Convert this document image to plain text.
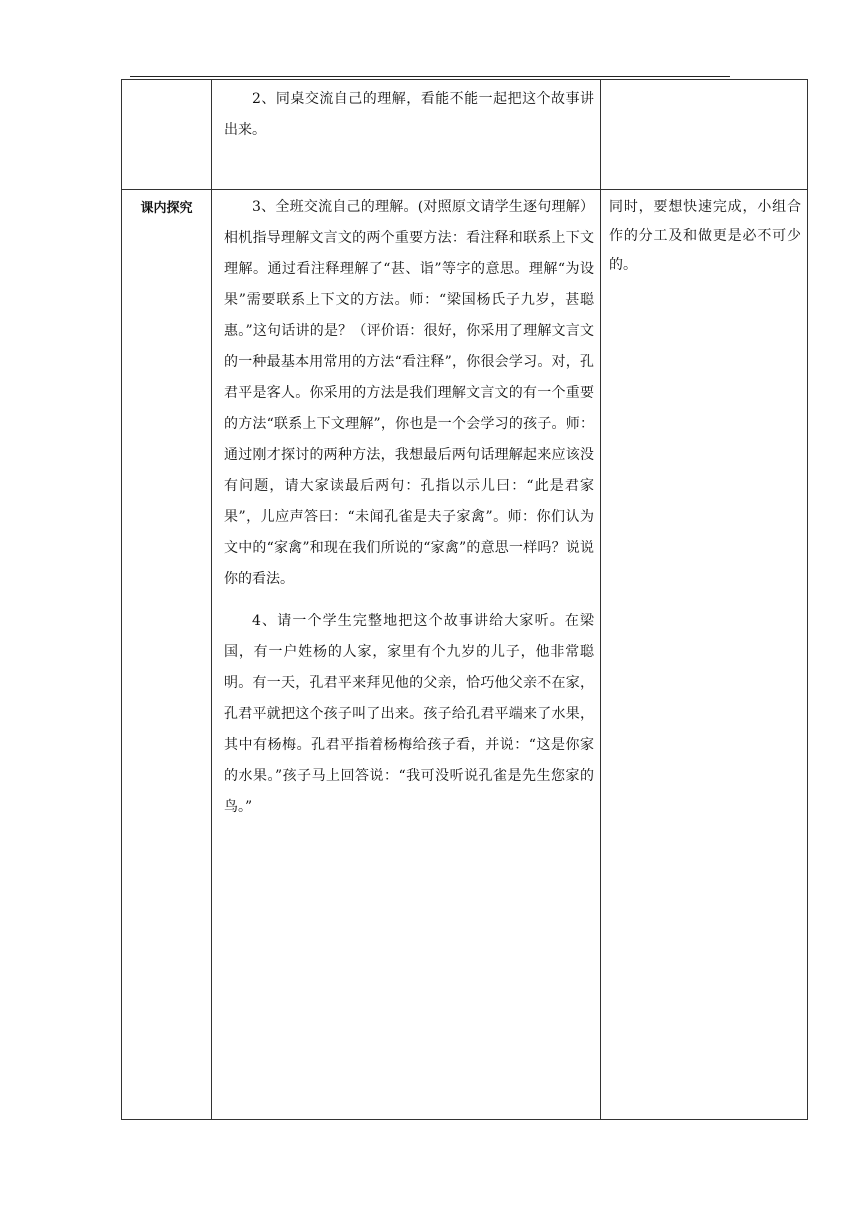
	2、同桌交流自己的理解，看能不能一起把这个故事讲出来。	

课内探究	3、全班交流自己的理解。(对照原文请学生逐句理解）相机指导理解文言文的两个重要方法：看注释和联系上下文理解。通过看注释理解了“甚、诣”等字的意思。理解“为设果”需要联系上下文的方法。师：“梁国杨氏子九岁，甚聪惠。”这句话讲的是？（评价语：很好，你采用了理解文言文的一种最基本用常用的方法“看注释”，你很会学习。对，孔君平是客人。你采用的方法是我们理解文言文的有一个重要的方法“联系上下文理解”，你也是一个会学习的孩子。师：通过刚才探讨的两种方法，我想最后两句话理解起来应该没有问题，请大家读最后两句：孔指以示儿曰：“此是君家果”，儿应声答曰：“未闻孔雀是夫子家禽”。师：你们认为文中的“家禽”和现在我们所说的“家禽”的意思一样吗？说说你的看法。

4、请一个学生完整地把这个故事讲给大家听。在梁国，有一户姓杨的人家，家里有个九岁的儿子，他非常聪明。有一天，孔君平来拜见他的父亲，恰巧他父亲不在家，孔君平就把这个孩子叫了出来。孩子给孔君平端来了水果，其中有杨梅。孔君平指着杨梅给孩子看，并说：“这是你家的水果。”孩子马上回答说：“我可没听说孔雀是先生您家的鸟。”	同时，要想快速完成，小组合作的分工及和做更是必不可少的。
